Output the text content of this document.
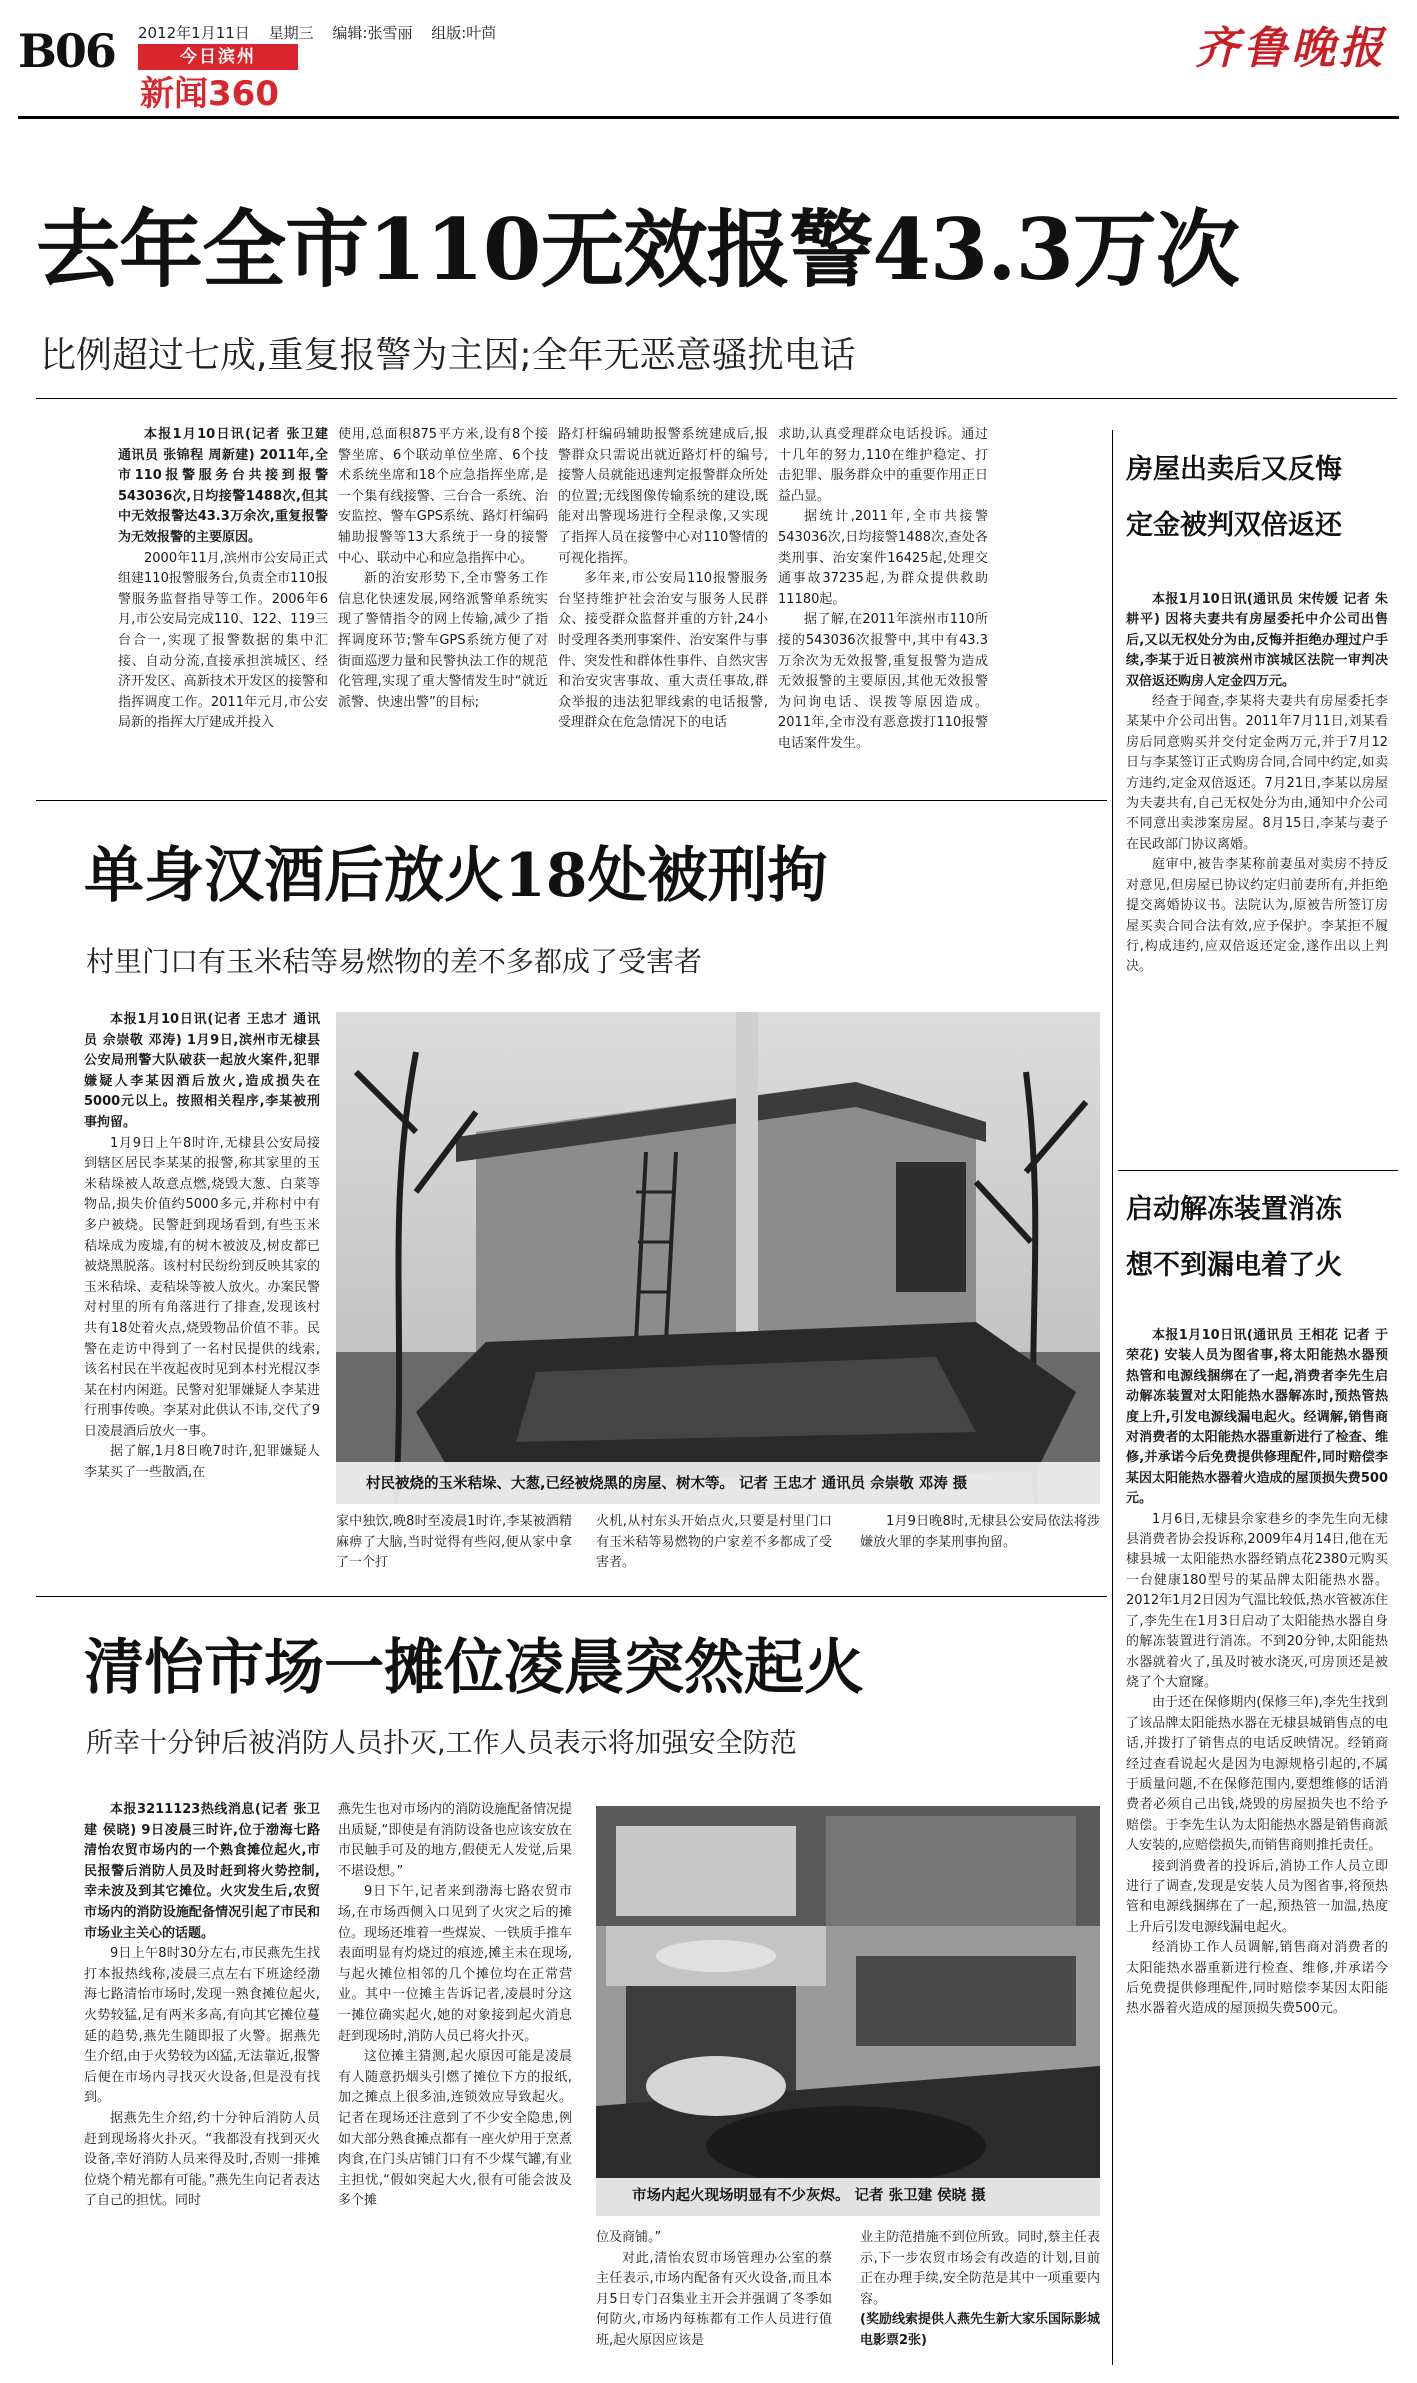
B06 2012年1月11日 星期三 编辑:张雪丽 组版:叶茴
今日滨州
新闻360
齐鲁晚报
去年全市110无效报警43.3万次
比例超过七成,重复报警为主因;全年无恶意骚扰电话

本报1月10日讯(记者 张卫建 通讯员 张锦程 周新建) 2011年,全市110报警服务台共接到报警543036次,日均接警1488次,但其中无效报警达43.3万余次,重复报警为无效报警的主要原因。

2000年11月,滨州市公安局正式组建110报警服务台,负责全市110报警服务监督指导等工作。2006年6月,市公安局完成110、122、119三台合一,实现了报警数据的集中汇接、自动分流,直接承担滨城区、经济开发区、高新技术开发区的接警和指挥调度工作。2011年元月,市公安局新的指挥大厅建成并投入

使用,总面积875平方米,设有8个接警坐席、6个联动单位坐席、6个技术系统坐席和18个应急指挥坐席,是一个集有线接警、三台合一系统、治安监控、警车GPS系统、路灯杆编码辅助报警等13大系统于一身的接警中心、联动中心和应急指挥中心。

新的治安形势下,全市警务工作信息化快速发展,网络派警单系统实现了警情指令的网上传输,减少了指挥调度环节;警车GPS系统方便了对街面巡逻力量和民警执法工作的规范化管理,实现了重大警情发生时“就近派警、快速出警”的目标;

路灯杆编码辅助报警系统建成后,报警群众只需说出就近路灯杆的编号,接警人员就能迅速判定报警群众所处的位置;无线图像传输系统的建设,既能对出警现场进行全程录像,又实现了指挥人员在接警中心对110警情的可视化指挥。

多年来,市公安局110报警服务台坚持维护社会治安与服务人民群众、接受群众监督并重的方针,24小时受理各类刑事案件、治安案件与事件、突发性和群体性事件、自然灾害和治安灾害事故、重大责任事故,群众举报的违法犯罪线索的电话报警,受理群众在危急情况下的电话

求助,认真受理群众电话投诉。通过十几年的努力,110在维护稳定、打击犯罪、服务群众中的重要作用正日益凸显。

据统计,2011年,全市共接警543036次,日均接警1488次,查处各类刑事、治安案件16425起,处理交通事故37235起,为群众提供救助11180起。

据了解,在2011年滨州市110所接的543036次报警中,其中有43.3万余次为无效报警,重复报警为造成无效报警的主要原因,其他无效报警为问询电话、误拨等原因造成。2011年,全市没有恶意拨打110报警电话案件发生。

单身汉酒后放火18处被刑拘
村里门口有玉米秸等易燃物的差不多都成了受害者

本报1月10日讯(记者 王忠才 通讯员 佘崇敬 邓涛) 1月9日,滨州市无棣县公安局刑警大队破获一起放火案件,犯罪嫌疑人李某因酒后放火,造成损失在5000元以上。按照相关程序,李某被刑事拘留。

1月9日上午8时许,无棣县公安局接到辖区居民李某某的报警,称其家里的玉米秸垛被人故意点燃,烧毁大葱、白菜等物品,损失价值约5000多元,并称村中有多户被烧。民警赶到现场看到,有些玉米秸垛成为废墟,有的树木被波及,树皮都已被烧黑脱落。该村村民纷纷到反映其家的玉米秸垛、麦秸垛等被人放火。办案民警对村里的所有角落进行了排查,发现该村共有18处着火点,烧毁物品价值不菲。民警在走访中得到了一名村民提供的线索,该名村民在半夜起夜时见到本村光棍汉李某在村内闲逛。民警对犯罪嫌疑人李某进行刑事传唤。李某对此供认不讳,交代了9日凌晨酒后放火一事。

据了解,1月8日晚7时许,犯罪嫌疑人李某买了一些散酒,在

村民被烧的玉米秸垛、大葱,已经被烧黑的房屋、树木等。 记者 王忠才 通讯员 佘崇敬 邓涛 摄

家中独饮,晚8时至凌晨1时许,李某被酒精麻痹了大脑,当时觉得有些闷,便从家中拿了一个打

火机,从村东头开始点火,只要是村里门口有玉米秸等易燃物的户家差不多都成了受害者。

1月9日晚8时,无棣县公安局依法将涉嫌放火罪的李某刑事拘留。

清怡市场一摊位凌晨突然起火
所幸十分钟后被消防人员扑灭,工作人员表示将加强安全防范

本报3211123热线消息(记者 张卫建 侯晓) 9日凌晨三时许,位于渤海七路清怡农贸市场内的一个熟食摊位起火,市民报警后消防人员及时赶到将火势控制,幸未波及到其它摊位。火灾发生后,农贸市场内的消防设施配备情况引起了市民和市场业主关心的话题。

9日上午8时30分左右,市民燕先生找打本报热线称,凌晨三点左右下班途经渤海七路清怡市场时,发现一熟食摊位起火,火势较猛,足有两米多高,有向其它摊位蔓延的趋势,燕先生随即报了火警。据燕先生介绍,由于火势较为凶猛,无法靠近,报警后便在市场内寻找灭火设备,但是没有找到。

据燕先生介绍,约十分钟后消防人员赶到现场将火扑灭。“我都没有找到灭火设备,幸好消防人员来得及时,否则一排摊位烧个精光都有可能。”燕先生向记者表达了自己的担忧。同时

燕先生也对市场内的消防设施配备情况提出质疑,“即使是有消防设备也应该安放在市民触手可及的地方,假使无人发觉,后果不堪设想。”

9日下午,记者来到渤海七路农贸市场,在市场西侧入口见到了火灾之后的摊位。现场还堆着一些煤炭、一铁质手推车表面明显有灼烧过的痕迹,摊主未在现场,与起火摊位相邻的几个摊位均在正常营业。其中一位摊主告诉记者,凌晨时分这一摊位确实起火,她的对象接到起火消息赶到现场时,消防人员已将火扑灭。

这位摊主猜测,起火原因可能是凌晨有人随意扔烟头引燃了摊位下方的报纸,加之摊点上很多油,连锁效应导致起火。记者在现场还注意到了不少安全隐患,例如大部分熟食摊点都有一座火炉用于烹煮肉食,在门头店铺门口有不少煤气罐,有业主担忧,“假如突起大火,很有可能会波及多个摊	市场内起火现场明显有不少灰烬。 记者 张卫建 侯晓 摄

位及商铺。”

对此,清怡农贸市场管理办公室的蔡主任表示,市场内配备有灭火设备,而且本月5日专门召集业主开会并强调了冬季如何防火,市场内每栋都有工作人员进行值班,起火原因应该是

业主防范措施不到位所致。同时,蔡主任表示,下一步农贸市场会有改造的计划,目前正在办理手续,安全防范是其中一项重要内容。

(奖励线索提供人燕先生新大家乐国际影城电影票2张)

房屋出卖后又反悔
定金被判双倍返还

本报1月10日讯(通讯员 宋传媛 记者 朱耕平) 因将夫妻共有房屋委托中介公司出售后,又以无权处分为由,反悔并拒绝办理过户手续,李某于近日被滨州市滨城区法院一审判决双倍返还购房人定金四万元。

经查于闻查,李某将夫妻共有房屋委托李某某中介公司出售。2011年7月11日,刘某看房后同意购买并交付定金两万元,并于7月12日与李某签订正式购房合同,合同中约定,如卖方违约,定金双倍返还。7月21日,李某以房屋为夫妻共有,自己无权处分为由,通知中介公司不同意出卖涉案房屋。8月15日,李某与妻子在民政部门协议离婚。

庭审中,被告李某称前妻虽对卖房不持反对意见,但房屋已协议约定归前妻所有,并拒绝提交离婚协议书。法院认为,原被告所签订房屋买卖合同合法有效,应予保护。李某拒不履行,构成违约,应双倍返还定金,遂作出以上判决。

启动解冻装置消冻
想不到漏电着了火

本报1月10日讯(通讯员 王相花 记者 于荣花) 安装人员为图省事,将太阳能热水器预热管和电源线捆绑在了一起,消费者李先生启动解冻装置对太阳能热水器解冻时,预热管热度上升,引发电源线漏电起火。经调解,销售商对消费者的太阳能热水器重新进行了检查、维修,并承诺今后免费提供修理配件,同时赔偿李某因太阳能热水器着火造成的屋顶损失费500元。

1月6日,无棣县佘家巷乡的李先生向无棣县消费者协会投诉称,2009年4月14日,他在无棣县城一太阳能热水器经销点花2380元购买一台健康180型号的某品牌太阳能热水器。2012年1月2日因为气温比较低,热水管被冻住了,李先生在1月3日启动了太阳能热水器自身的解冻装置进行消冻。不到20分钟,太阳能热水器就着火了,虽及时被水浇灭,可房顶还是被烧了个大窟窿。

由于还在保修期内(保修三年),李先生找到了该品牌太阳能热水器在无棣县城销售点的电话,并拨打了销售点的电话反映情况。经销商经过查看说起火是因为电源规格引起的,不属于质量问题,不在保修范围内,要想维修的话消费者必须自己出钱,烧毁的房屋损失也不给予赔偿。于李先生认为太阳能热水器是销售商派人安装的,应赔偿损失,而销售商则推托责任。

接到消费者的投诉后,消协工作人员立即进行了调查,发现是安装人员为图省事,将预热管和电源线捆绑在了一起,预热管一加温,热度上升后引发电源线漏电起火。

经消协工作人员调解,销售商对消费者的太阳能热水器重新进行检查、维修,并承诺今后免费提供修理配件,同时赔偿李某因太阳能热水器着火造成的屋顶损失费500元。
